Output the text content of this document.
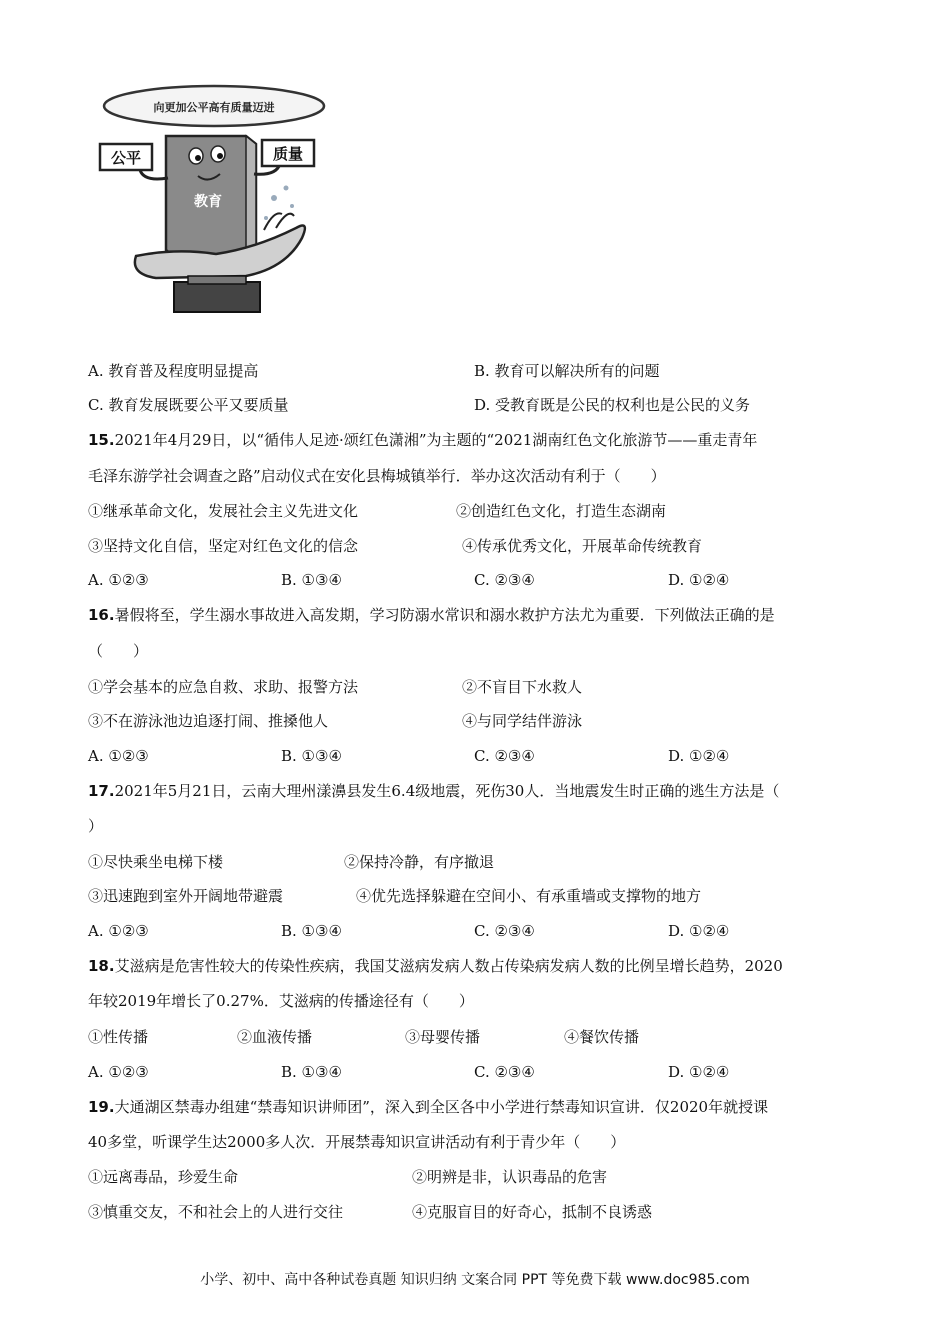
向更加公平高有质量迈进
教育
公平	质量
A. 教育普及程度明显提高	B. 教育可以解决所有的问题
C. 教育发展既要公平又要质量	D. 受教育既是公民的权利也是公民的义务
15.2021年4月29日，以“循伟人足迹·颂红色潇湘”为主题的“2021湖南红色文化旅游节——重走青年
毛泽东游学社会调查之路”启动仪式在安化县梅城镇举行．举办这次活动有利于（　　）
①继承革命文化，发展社会主义先进文化	②创造红色文化，打造生态湖南
③坚持文化自信，坚定对红色文化的信念	④传承优秀文化，开展革命传统教育
A. ①②③	B. ①③④	C. ②③④	D. ①②④
16.暑假将至，学生溺水事故进入高发期，学习防溺水常识和溺水救护方法尤为重要．下列做法正确的是
（　　）
①学会基本的应急自救、求助、报警方法	②不盲目下水救人
③不在游泳池边追逐打闹、推搡他人	④与同学结伴游泳
A. ①②③	B. ①③④	C. ②③④	D. ①②④
17.2021年5月21日，云南大理州漾濞县发生6.4级地震，死伤30人．当地震发生时正确的逃生方法是（
）
①尽快乘坐电梯下楼	②保持冷静，有序撤退
③迅速跑到室外开阔地带避震	④优先选择躲避在空间小、有承重墙或支撑物的地方
A. ①②③	B. ①③④	C. ②③④	D. ①②④
18.艾滋病是危害性较大的传染性疾病，我国艾滋病发病人数占传染病发病人数的比例呈增长趋势，2020
年较2019年增长了0.27%．艾滋病的传播途径有（　　）
①性传播	②血液传播	③母婴传播	④餐饮传播
A. ①②③	B. ①③④	C. ②③④	D. ①②④
19.大通湖区禁毒办组建“禁毒知识讲师团”，深入到全区各中小学进行禁毒知识宣讲．仅2020年就授课
40多堂，听课学生达2000多人次．开展禁毒知识宣讲活动有利于青少年（　　）
①远离毒品，珍爱生命	②明辨是非，认识毒品的危害
③慎重交友，不和社会上的人进行交往	④克服盲目的好奇心，抵制不良诱惑
小学、初中、高中各种试卷真题 知识归纳 文案合同 PPT 等免费下载 www.doc985.com
